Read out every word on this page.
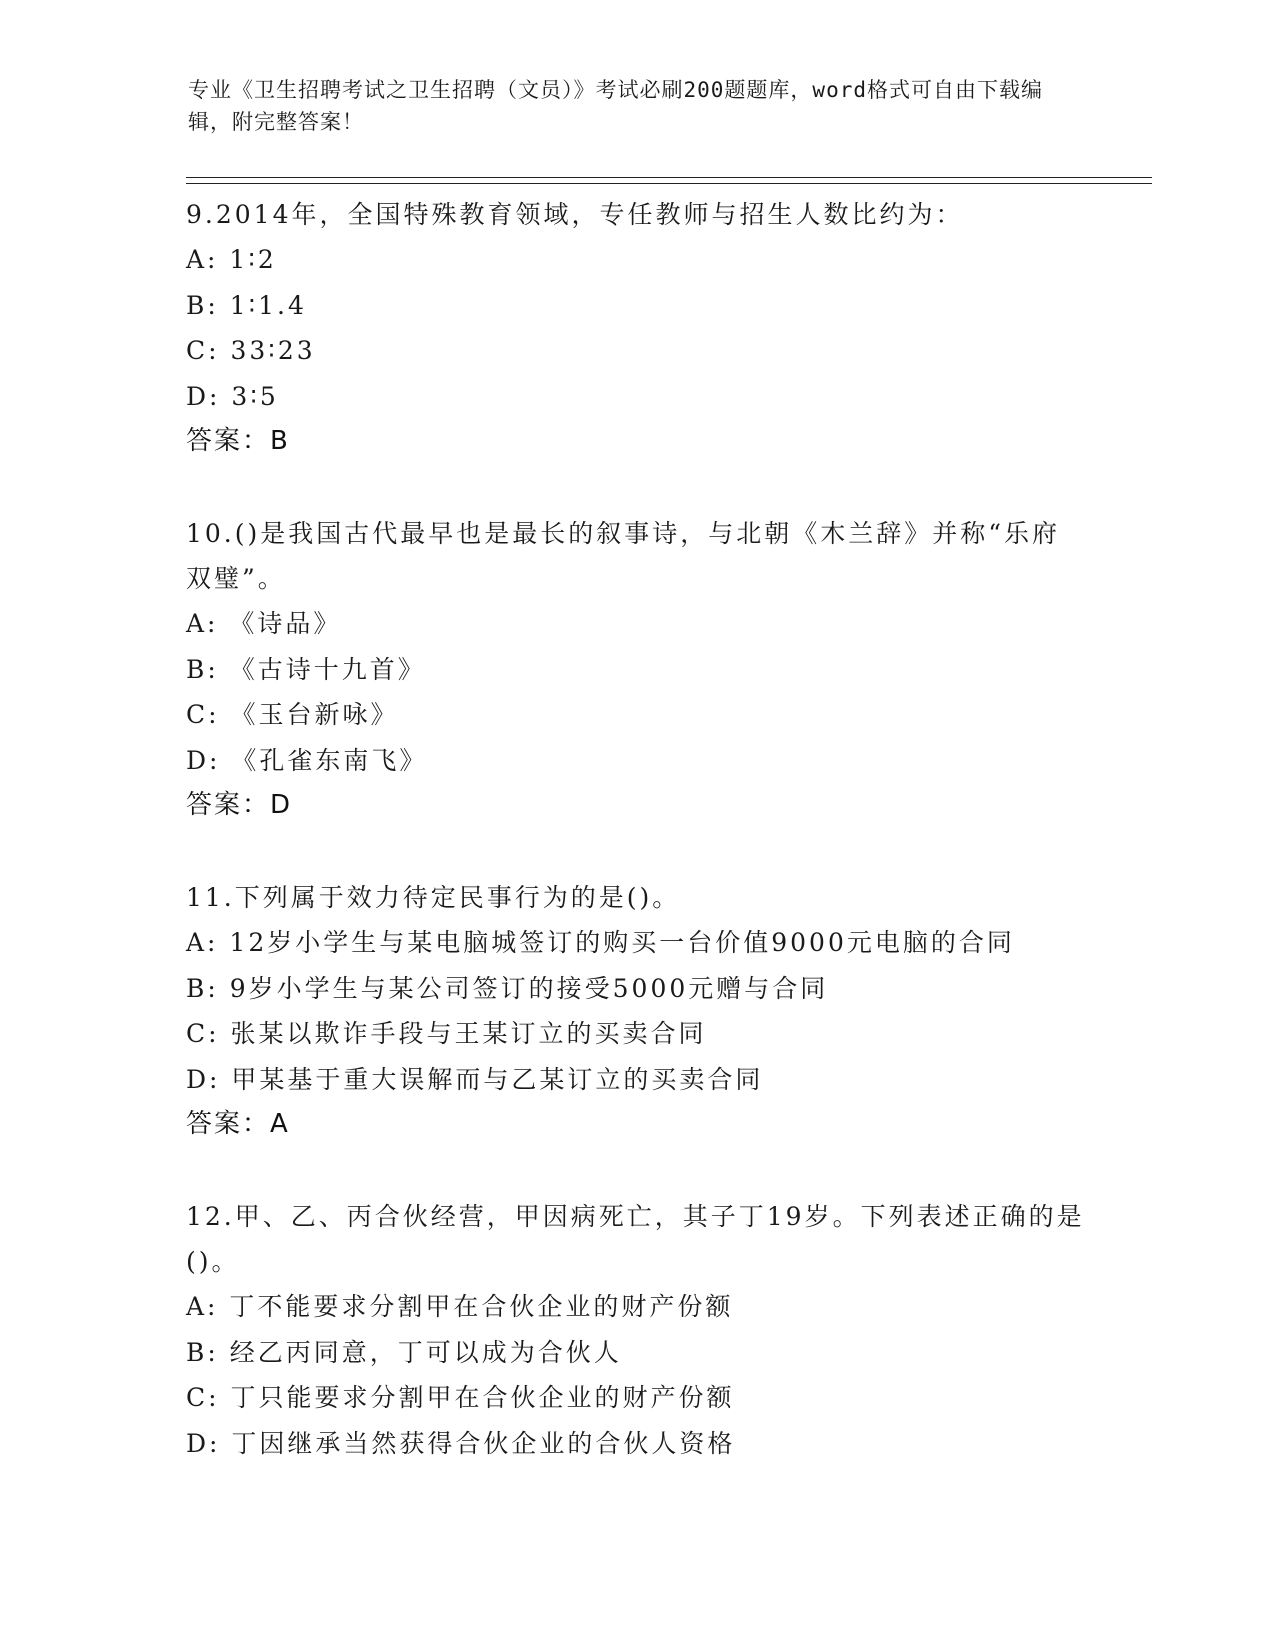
专业《卫生招聘考试之卫生招聘（文员）》考试必刷200题题库，word格式可自由下载编辑，附完整答案！

9.2014年，全国特殊教育领域，专任教师与招生人数比约为：

A: 1∶2

B: 1∶1.4

C: 33∶23

D: 3∶5

答案：B

10.()是我国古代最早也是最长的叙事诗，与北朝《木兰辞》并称“乐府双璧”。

A: 《诗品》

B: 《古诗十九首》

C: 《玉台新咏》

D: 《孔雀东南飞》

答案：D

11.下列属于效力待定民事行为的是()。

A: 12岁小学生与某电脑城签订的购买一台价值9000元电脑的合同

B: 9岁小学生与某公司签订的接受5000元赠与合同

C: 张某以欺诈手段与王某订立的买卖合同

D: 甲某基于重大误解而与乙某订立的买卖合同

答案：A

12.甲、乙、丙合伙经营，甲因病死亡，其子丁19岁。下列表述正确的是()。

A: 丁不能要求分割甲在合伙企业的财产份额

B: 经乙丙同意，丁可以成为合伙人

C: 丁只能要求分割甲在合伙企业的财产份额

D: 丁因继承当然获得合伙企业的合伙人资格
